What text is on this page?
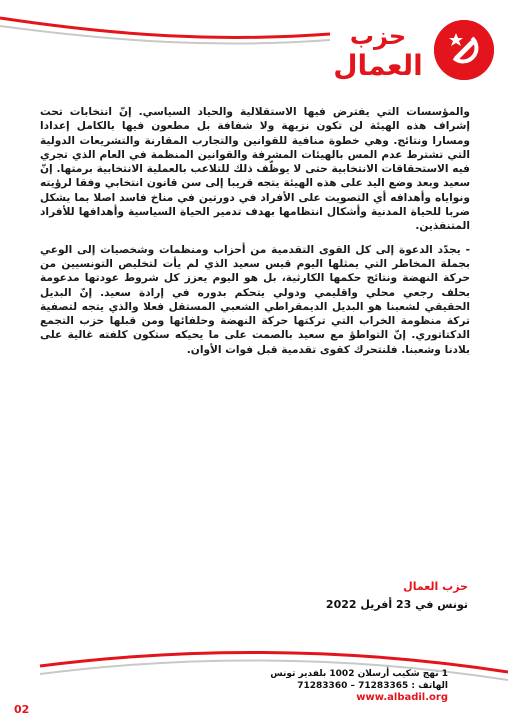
حزب
العمال

والمؤسسات التي يفترض فيها الاستقلالية والحياد السياسي. إنّ انتخابات تحت إشراف هذه الهيئة لن تكون نزيهة ولا شفافة بل مطعون فيها بالكامل إعدادا ومسارا ونتائج. وهي خطوة منافية للقوانين والتجارب المقارنة والتشريعات الدولية التي تشترط عدم المس بالهيئات المشرفة والقوانين المنظمة في العام الذي تجري فيه الاستحقاقات الانتخابية حتى لا يوظّف ذلك للتلاعب بالعملية الانتخابية برمتها. إنّ سعيد وبعد وضع اليد على هذه الهيئة يتجه قريبا إلى سن قانون انتخابي وفقا لرؤيته ونواياه وأهدافه أي التصويت على الأفراد في دورتين في مناخ فاسد اصلا بما يشكل ضربا للحياة المدنية وأشكال انتظامها بهدف تدمير الحياة السياسية وأهدافها للأفراد المتنفذين.

- يجدّد الدعوة إلى كل القوى التقدمية من أحزاب ومنظمات وشخصيات إلى الوعي بجملة المخاطر التي يمثلها اليوم قيس سعيد الذي لم يأت لتخليص التونسيين من حركة النهضة ونتائج حكمها الكارثية، بل هو اليوم يعزز كل شروط عودتها مدعومة بحلف رجعي محلي واقليمي ودولي يتحكم بدوره في إرادة سعيد. إنّ البديل الحقيقي لشعبنا هو البديل الديمقراطي الشعبي المستقل فعلا والذي يتجه لتصفية تركة منظومة الخراب التي تركتها حركة النهضة وحلفائها ومن قبلها حزب التجمع الدكتاتوري. إنّ التواطؤ مع سعيد بالصمت على ما يحيكه ستكون كلفته غالية على بلادنا وشعبنا. فلنتحرك كقوى تقدمية قبل فوات الأوان.

حزب العمال
تونس في 23 أفريل 2022
1 نهج شكيب أرسلان 1002 بلفدير تونس
الهاتف : 71283365 – 71283360
www.albadil.org
02
